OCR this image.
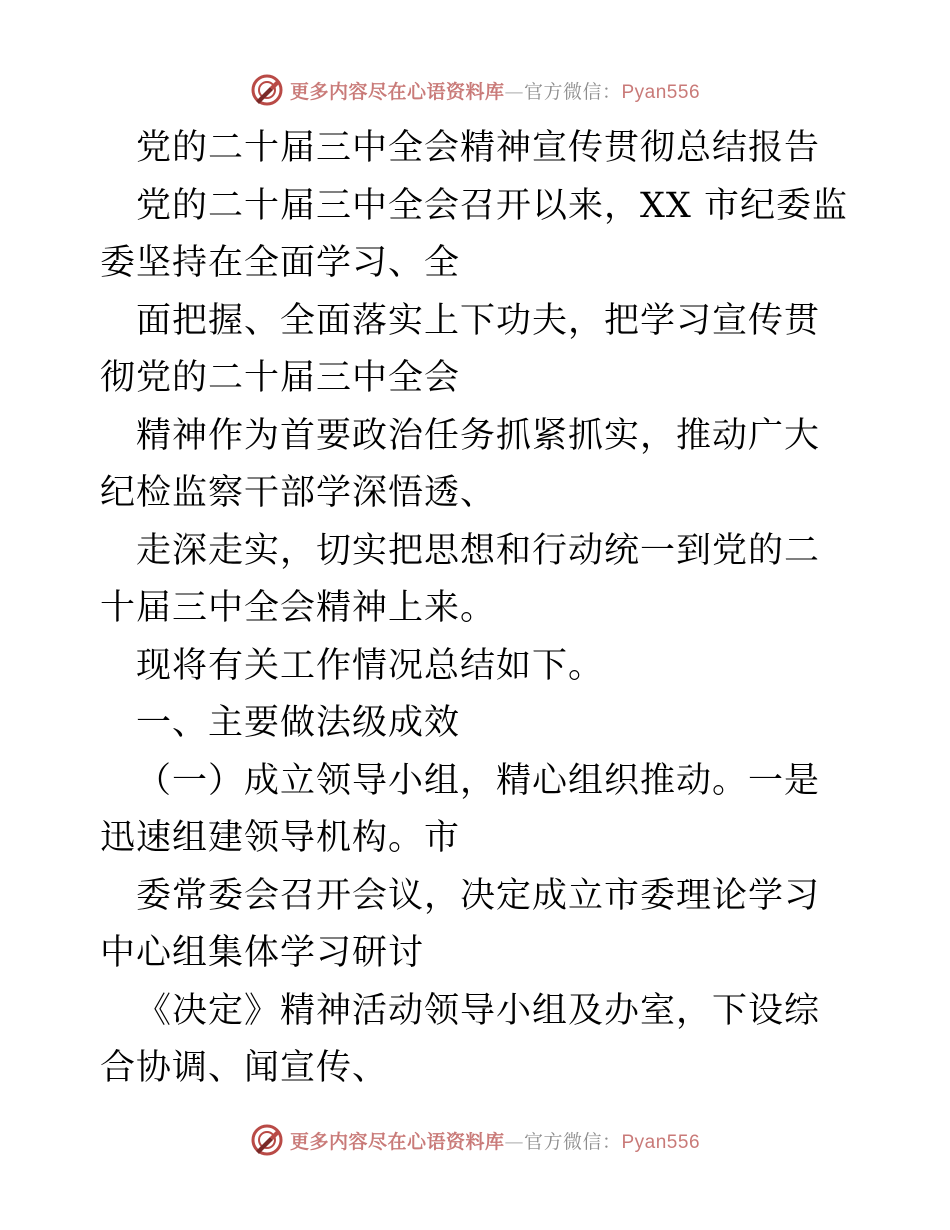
更多内容尽在心语资料库—官方微信：Pyan556

党的二十届三中全会精神宣传贯彻总结报告

党的二十届三中全会召开以来，XX 市纪委监委坚持在全面学习、全

面把握、全面落实上下功夫，把学习宣传贯彻党的二十届三中全会

精神作为首要政治任务抓紧抓实，推动广大纪检监察干部学深悟透、

走深走实，切实把思想和行动统一到党的二十届三中全会精神上来。

现将有关工作情况总结如下。

一、主要做法级成效

（一）成立领导小组，精心组织推动。一是迅速组建领导机构。市

委常委会召开会议，决定成立市委理论学习中心组集体学习研讨

《决定》精神活动领导小组及办室，下设综合协调、闻宣传、

更多内容尽在心语资料库—官方微信：Pyan556
